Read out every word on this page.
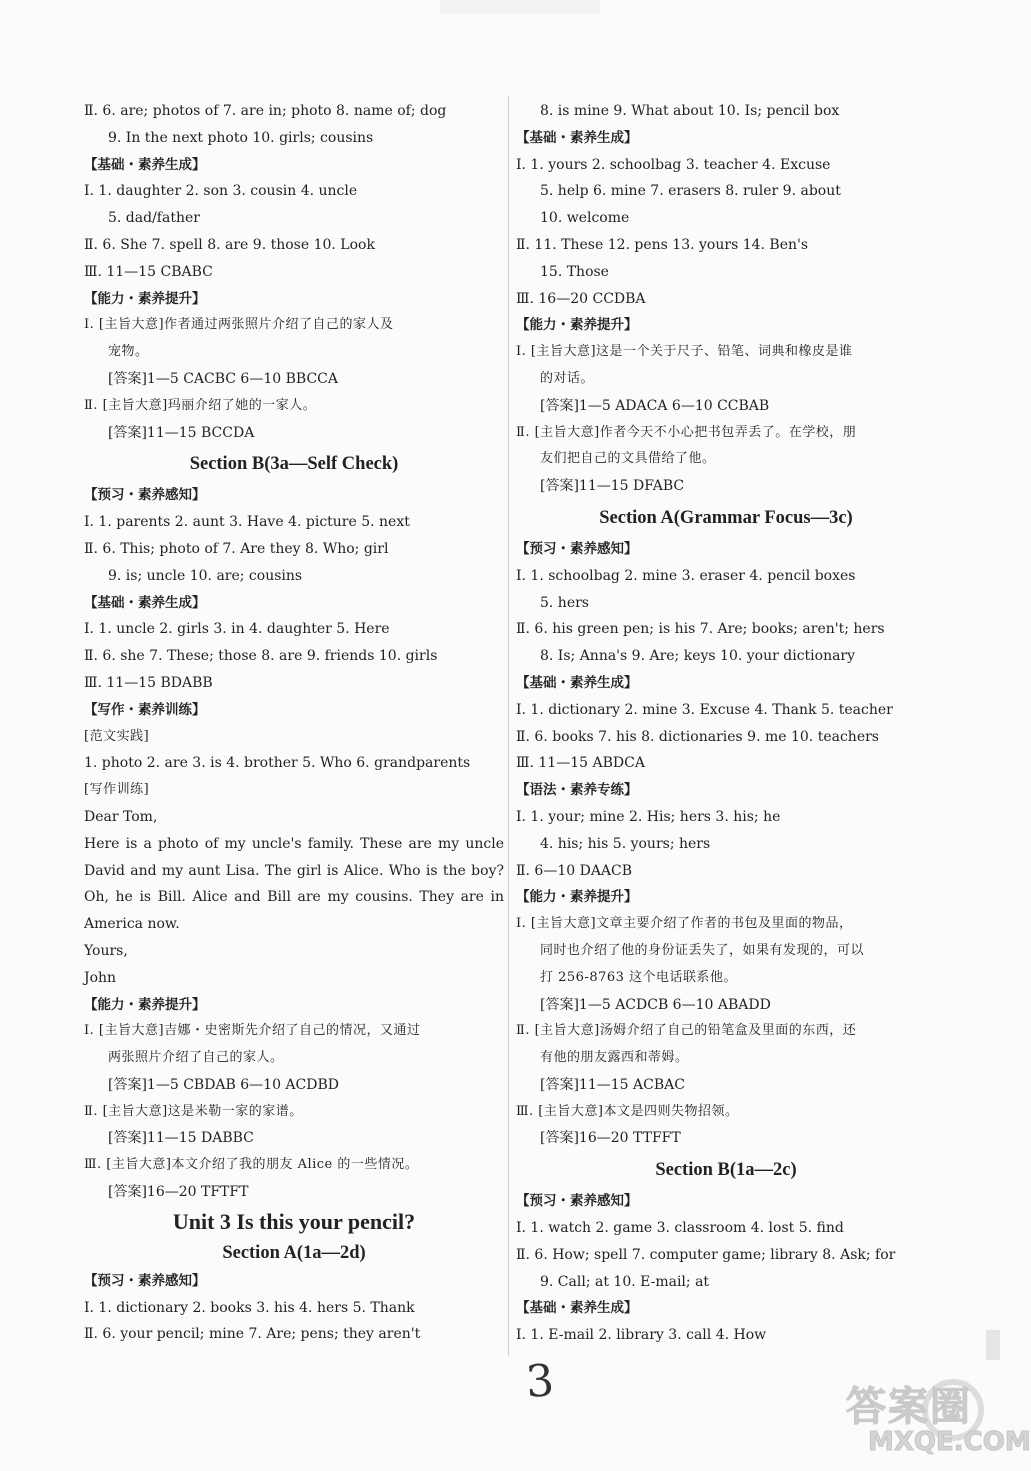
Ⅱ. 6. are; photos of 7. are in; photo 8. name of; dog
9. In the next photo 10. girls; cousins
【基础・素养生成】
Ⅰ. 1. daughter 2. son 3. cousin 4. uncle
5. dad/father
Ⅱ. 6. She 7. spell 8. are 9. those 10. Look
Ⅲ. 11—15 CBABC
【能力・素养提升】
Ⅰ. [主旨大意]作者通过两张照片介绍了自己的家人及
宠物。
[答案]1—5 CACBC 6—10 BBCCA
Ⅱ. [主旨大意]玛丽介绍了她的一家人。
[答案]11—15 BCCDA
Section B(3a—Self Check)
【预习・素养感知】
Ⅰ. 1. parents 2. aunt 3. Have 4. picture 5. next
Ⅱ. 6. This; photo of 7. Are they 8. Who; girl
9. is; uncle 10. are; cousins
【基础・素养生成】
Ⅰ. 1. uncle 2. girls 3. in 4. daughter 5. Here
Ⅱ. 6. she 7. These; those 8. are 9. friends 10. girls
Ⅲ. 11—15 BDABB
【写作・素养训练】
[范文实践]
1. photo 2. are 3. is 4. brother 5. Who 6. grandparents
[写作训练]
Dear Tom,
Here is a photo of my uncle's family. These are my uncle
David and my aunt Lisa. The girl is Alice. Who is the boy?
Oh, he is Bill. Alice and Bill are my cousins. They are in
America now.
Yours,
John
【能力・素养提升】
Ⅰ. [主旨大意]吉娜・史密斯先介绍了自己的情况，又通过
两张照片介绍了自己的家人。
[答案]1—5 CBDAB 6—10 ACDBD
Ⅱ. [主旨大意]这是米勒一家的家谱。
[答案]11—15 DABBC
Ⅲ. [主旨大意]本文介绍了我的朋友 Alice 的一些情况。
[答案]16—20 TFTFT
Unit 3 Is this your pencil?
Section A(1a—2d)
【预习・素养感知】
Ⅰ. 1. dictionary 2. books 3. his 4. hers 5. Thank
Ⅱ. 6. your pencil; mine 7. Are; pens; they aren't
8. is mine 9. What about 10. Is; pencil box
【基础・素养生成】
Ⅰ. 1. yours 2. schoolbag 3. teacher 4. Excuse
5. help 6. mine 7. erasers 8. ruler 9. about
10. welcome
Ⅱ. 11. These 12. pens 13. yours 14. Ben's
15. Those
Ⅲ. 16—20 CCDBA
【能力・素养提升】
Ⅰ. [主旨大意]这是一个关于尺子、铅笔、词典和橡皮是谁
的对话。
[答案]1—5 ADACA 6—10 CCBAB
Ⅱ. [主旨大意]作者今天不小心把书包弄丢了。在学校，朋
友们把自己的文具借给了他。
[答案]11—15 DFABC
Section A(Grammar Focus—3c)
【预习・素养感知】
Ⅰ. 1. schoolbag 2. mine 3. eraser 4. pencil boxes
5. hers
Ⅱ. 6. his green pen; is his 7. Are; books; aren't; hers
8. Is; Anna's 9. Are; keys 10. your dictionary
【基础・素养生成】
Ⅰ. 1. dictionary 2. mine 3. Excuse 4. Thank 5. teacher
Ⅱ. 6. books 7. his 8. dictionaries 9. me 10. teachers
Ⅲ. 11—15 ABDCA
【语法・素养专练】
Ⅰ. 1. your; mine 2. His; hers 3. his; he
4. his; his 5. yours; hers
Ⅱ. 6—10 DAACB
【能力・素养提升】
Ⅰ. [主旨大意]文章主要介绍了作者的书包及里面的物品，
同时也介绍了他的身份证丢失了，如果有发现的，可以
打 256-8763 这个电话联系他。
[答案]1—5 ACDCB 6—10 ABADD
Ⅱ. [主旨大意]汤姆介绍了自己的铅笔盒及里面的东西，还
有他的朋友露西和蒂姆。
[答案]11—15 ACBAC
Ⅲ. [主旨大意]本文是四则失物招领。
[答案]16—20 TTFFT
Section B(1a—2c)
【预习・素养感知】
Ⅰ. 1. watch 2. game 3. classroom 4. lost 5. find
Ⅱ. 6. How; spell 7. computer game; library 8. Ask; for
9. Call; at 10. E-mail; at
【基础・素养生成】
Ⅰ. 1. E-mail 2. library 3. call 4. How
3	答案圈
MXQE.COM
